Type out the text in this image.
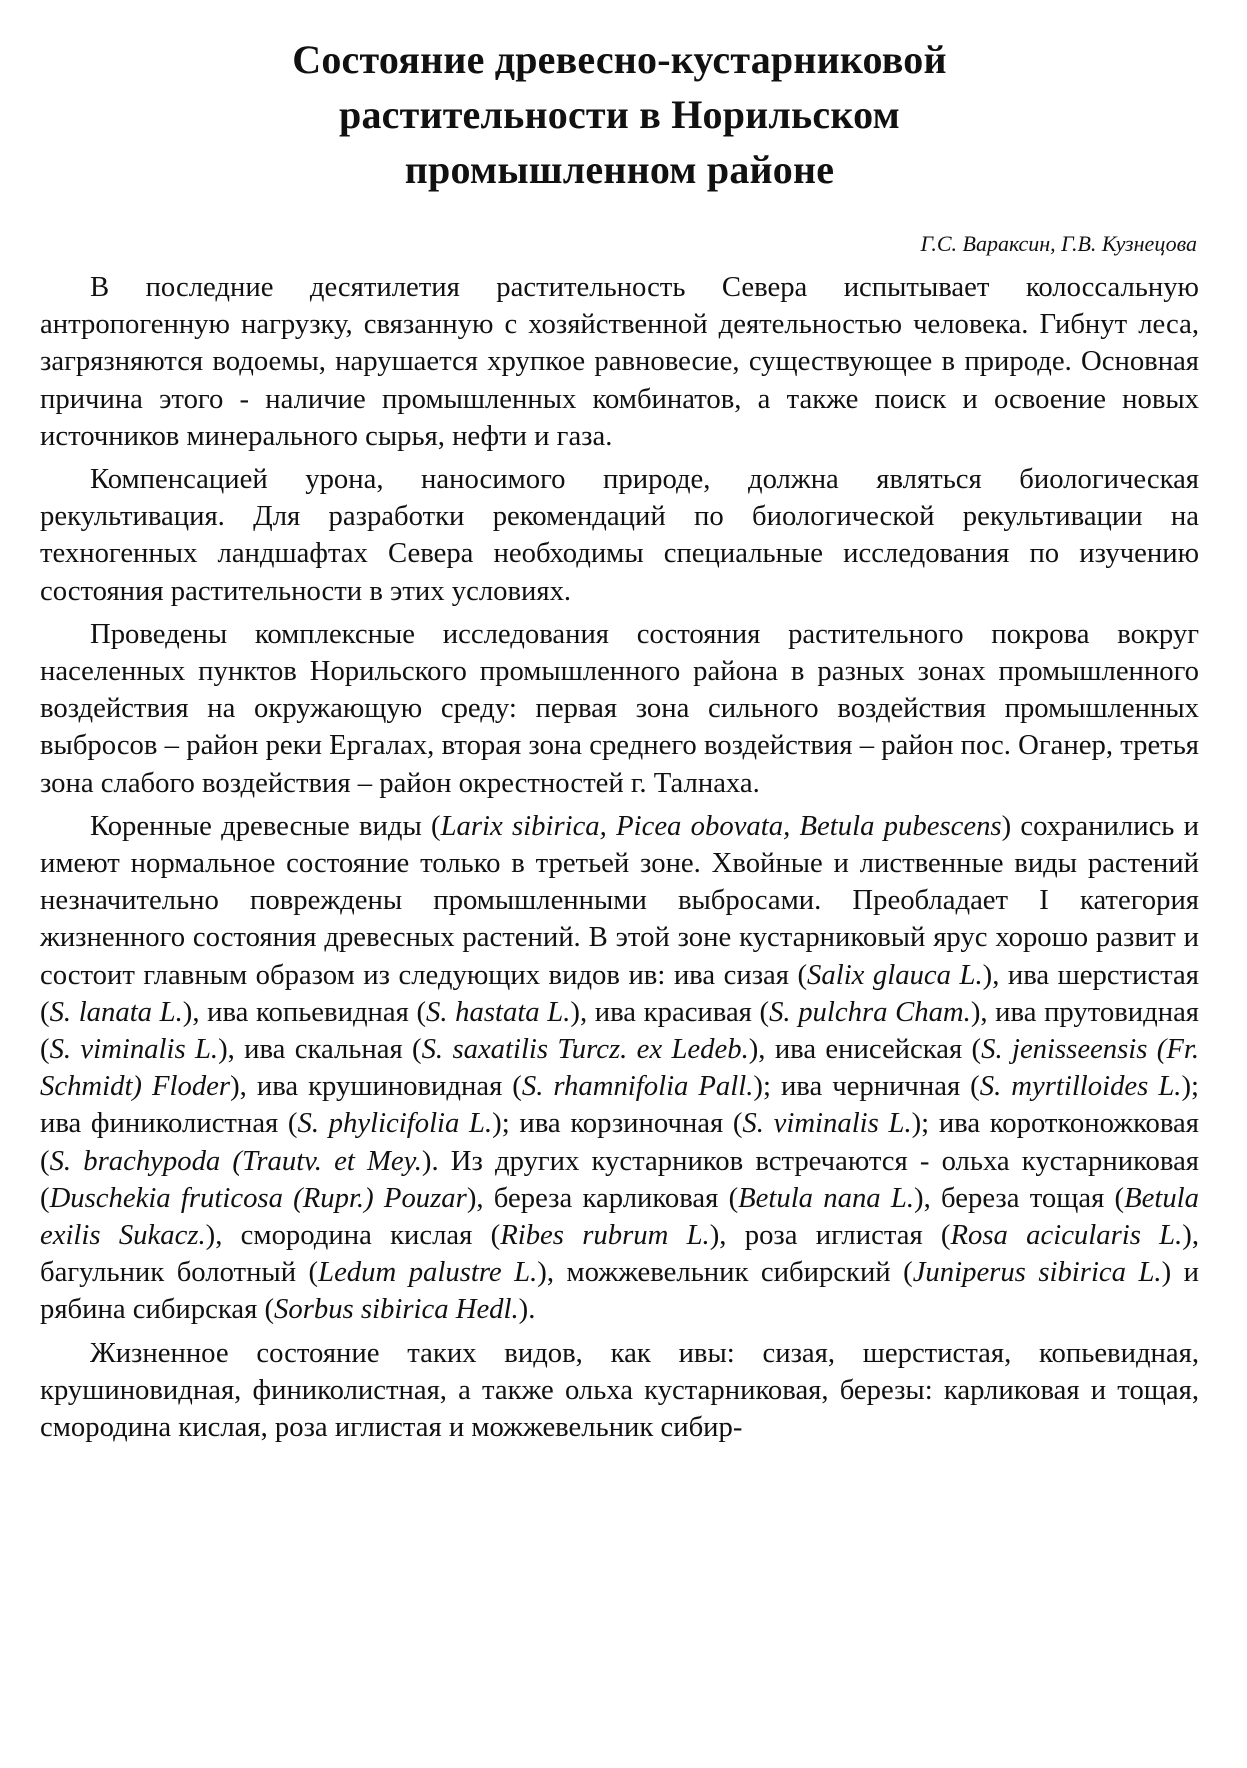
Состояние древесно-кустарниковой
растительности в Норильском
промышленном районе
Г.С. Вараксин, Г.В. Кузнецова

В последние десятилетия растительность Севера испытывает колоссальную антропогенную нагрузку, связанную с хозяйственной деятельностью человека. Гибнут леса, загрязняются водоемы, нарушается хрупкое равновесие, существующее в природе. Основная причина этого - наличие промышленных комбинатов, а также поиск и освоение новых источников минерального сырья, нефти и газа.

Компенсацией урона, наносимого природе, должна являться биологическая рекультивация. Для разработки рекомендаций по биологической рекультивации на техногенных ландшафтах Севера необходимы специальные исследования по изучению состояния растительности в этих условиях.

Проведены комплексные исследования состояния растительного покрова вокруг населенных пунктов Норильского промышленного района в разных зонах промышленного воздействия на окружающую среду: первая зона сильного воздействия промышленных выбросов – район реки Ергалах, вторая зона среднего воздействия – район пос. Оганер, третья зона слабого воздействия – район окрестностей г. Талнаха.

Коренные древесные виды (Larix sibirica, Picea obovata, Betula pubescens) сохранились и имеют нормальное состояние только в третьей зоне. Хвойные и лиственные виды растений незначительно повреждены промышленными выбросами. Преобладает I категория жизненного состояния древесных растений. В этой зоне кустарниковый ярус хорошо развит и состоит главным образом из следующих видов ив: ива сизая (Salix glauca L.), ива шерстистая (S. lanata L.), ива копьевидная (S. hastata L.), ива красивая (S. pulchra Cham.), ива прутовидная (S. viminalis L.), ива скальная (S. saxatilis Turcz. ex Ledeb.), ива енисейская (S. jenisseensis (Fr. Schmidt) Floder), ива крушиновидная (S. rhamnifolia Pall.); ива черничная (S. myrtilloides L.); ива финиколистная (S. phylicifolia L.); ива корзиночная (S. viminalis L.); ива коротконожковая (S. brachypoda (Trautv. et Mey.). Из других кустарников встречаются - ольха кустарниковая (Duschekia fruticosa (Rupr.) Pouzar), береза карликовая (Betula nana L.), береза тощая (Betula exilis Sukacz.), смородина кислая (Ribes rubrum L.), роза иглистая (Rosa acicularis L.), багульник болотный (Ledum palustre L.), можжевельник сибирский (Juniperus sibirica L.) и рябина сибирская (Sorbus sibirica Hedl.).

Жизненное состояние таких видов, как ивы: сизая, шерстистая, копьевидная, крушиновидная, финиколистная, а также ольха кустарниковая, березы: карликовая и тощая, смородина кислая, роза иглистая и можжевельник сибир-
